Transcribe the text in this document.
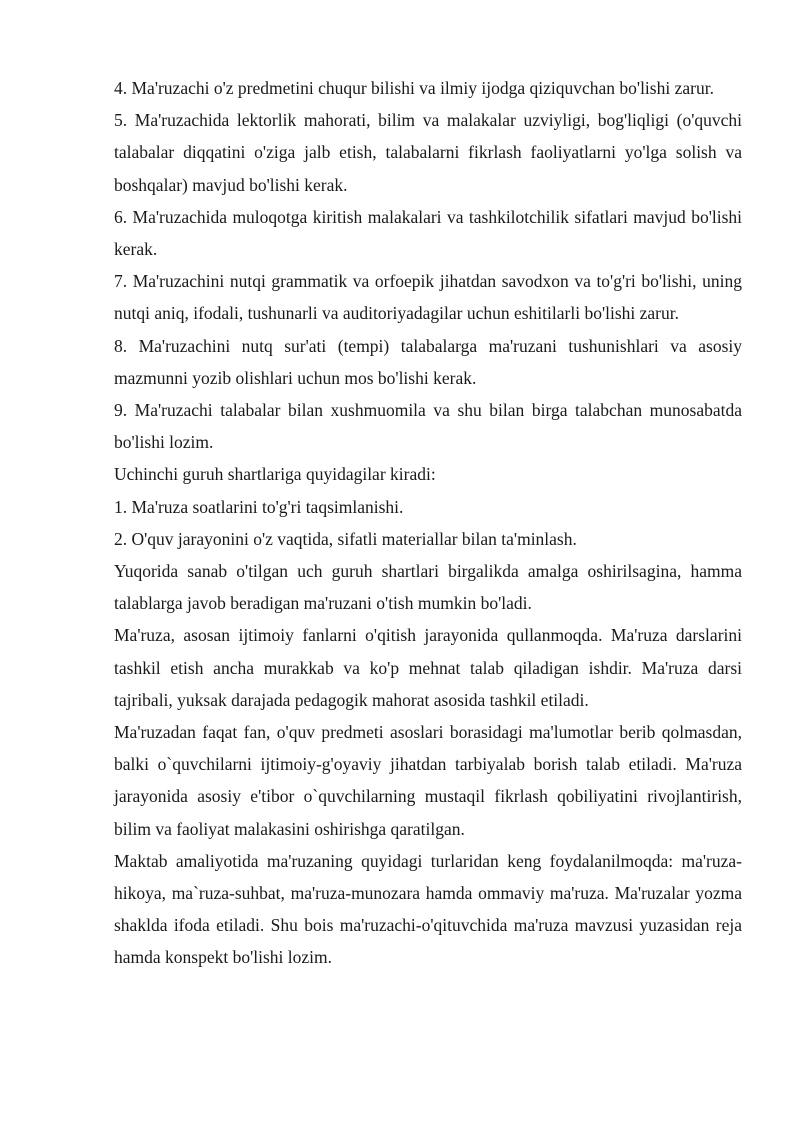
4. Ma'ruzachi o'z predmetini chuqur bilishi va ilmiy ijodga qiziquvchan bo'lishi zarur.

5. Ma'ruzachida lektorlik mahorati, bilim va malakalar uzviyligi, bog'liqligi (o'quvchi talabalar diqqatini o'ziga jalb etish, talabalarni fikrlash faoliyatlarni yo'lga solish va boshqalar) mavjud bo'lishi kerak.

6. Ma'ruzachida muloqotga kiritish malakalari va tashkilotchilik sifatlari mavjud bo'lishi kerak.

7. Ma'ruzachini nutqi grammatik va orfoepik jihatdan savodxon va to'g'ri bo'lishi, uning nutqi aniq, ifodali, tushunarli va auditoriyadagilar uchun eshitilarli bo'lishi zarur.

8. Ma'ruzachini nutq sur'ati (tempi) talabalarga ma'ruzani tushunishlari va asosiy mazmunni yozib olishlari uchun mos bo'lishi kerak.

9. Ma'ruzachi talabalar bilan xushmuomila va shu bilan birga talabchan munosabatda bo'lishi lozim.

Uchinchi guruh shartlariga quyidagilar kiradi:

1. Ma'ruza soatlarini to'g'ri taqsimlanishi.

2. O'quv jarayonini o'z vaqtida, sifatli materiallar bilan ta'minlash.

Yuqorida sanab o'tilgan uch guruh shartlari birgalikda amalga oshirilsagina, hamma talablarga javob beradigan ma'ruzani o'tish mumkin bo'ladi.

Ma'ruza, asosan ijtimoiy fanlarni o'qitish jarayonida qullanmoqda. Ma'ruza darslarini tashkil etish ancha murakkab va ko'p mehnat talab qiladigan ishdir. Ma'ruza darsi tajribali, yuksak darajada pedagogik mahorat asosida tashkil etiladi.

Ma'ruzadan faqat fan, o'quv predmeti asoslari borasidagi ma'lumotlar berib qolmasdan, balki o`quvchilarni ijtimoiy-g'oyaviy jihatdan tarbiyalab borish talab etiladi. Ma'ruza jarayonida asosiy e'tibor o`quvchilarning mustaqil fikrlash qobiliyatini rivojlantirish, bilim va faoliyat malakasini oshirishga qaratilgan.

Maktab amaliyotida ma'ruzaning quyidagi turlaridan keng foydalanilmoqda: ma'ruza-hikoya, ma`ruza-suhbat, ma'ruza-munozara hamda ommaviy ma'ruza. Ma'ruzalar yozma shaklda ifoda etiladi. Shu bois ma'ruzachi-o'qituvchida ma'ruza mavzusi yuzasidan reja hamda konspekt bo'lishi lozim.
